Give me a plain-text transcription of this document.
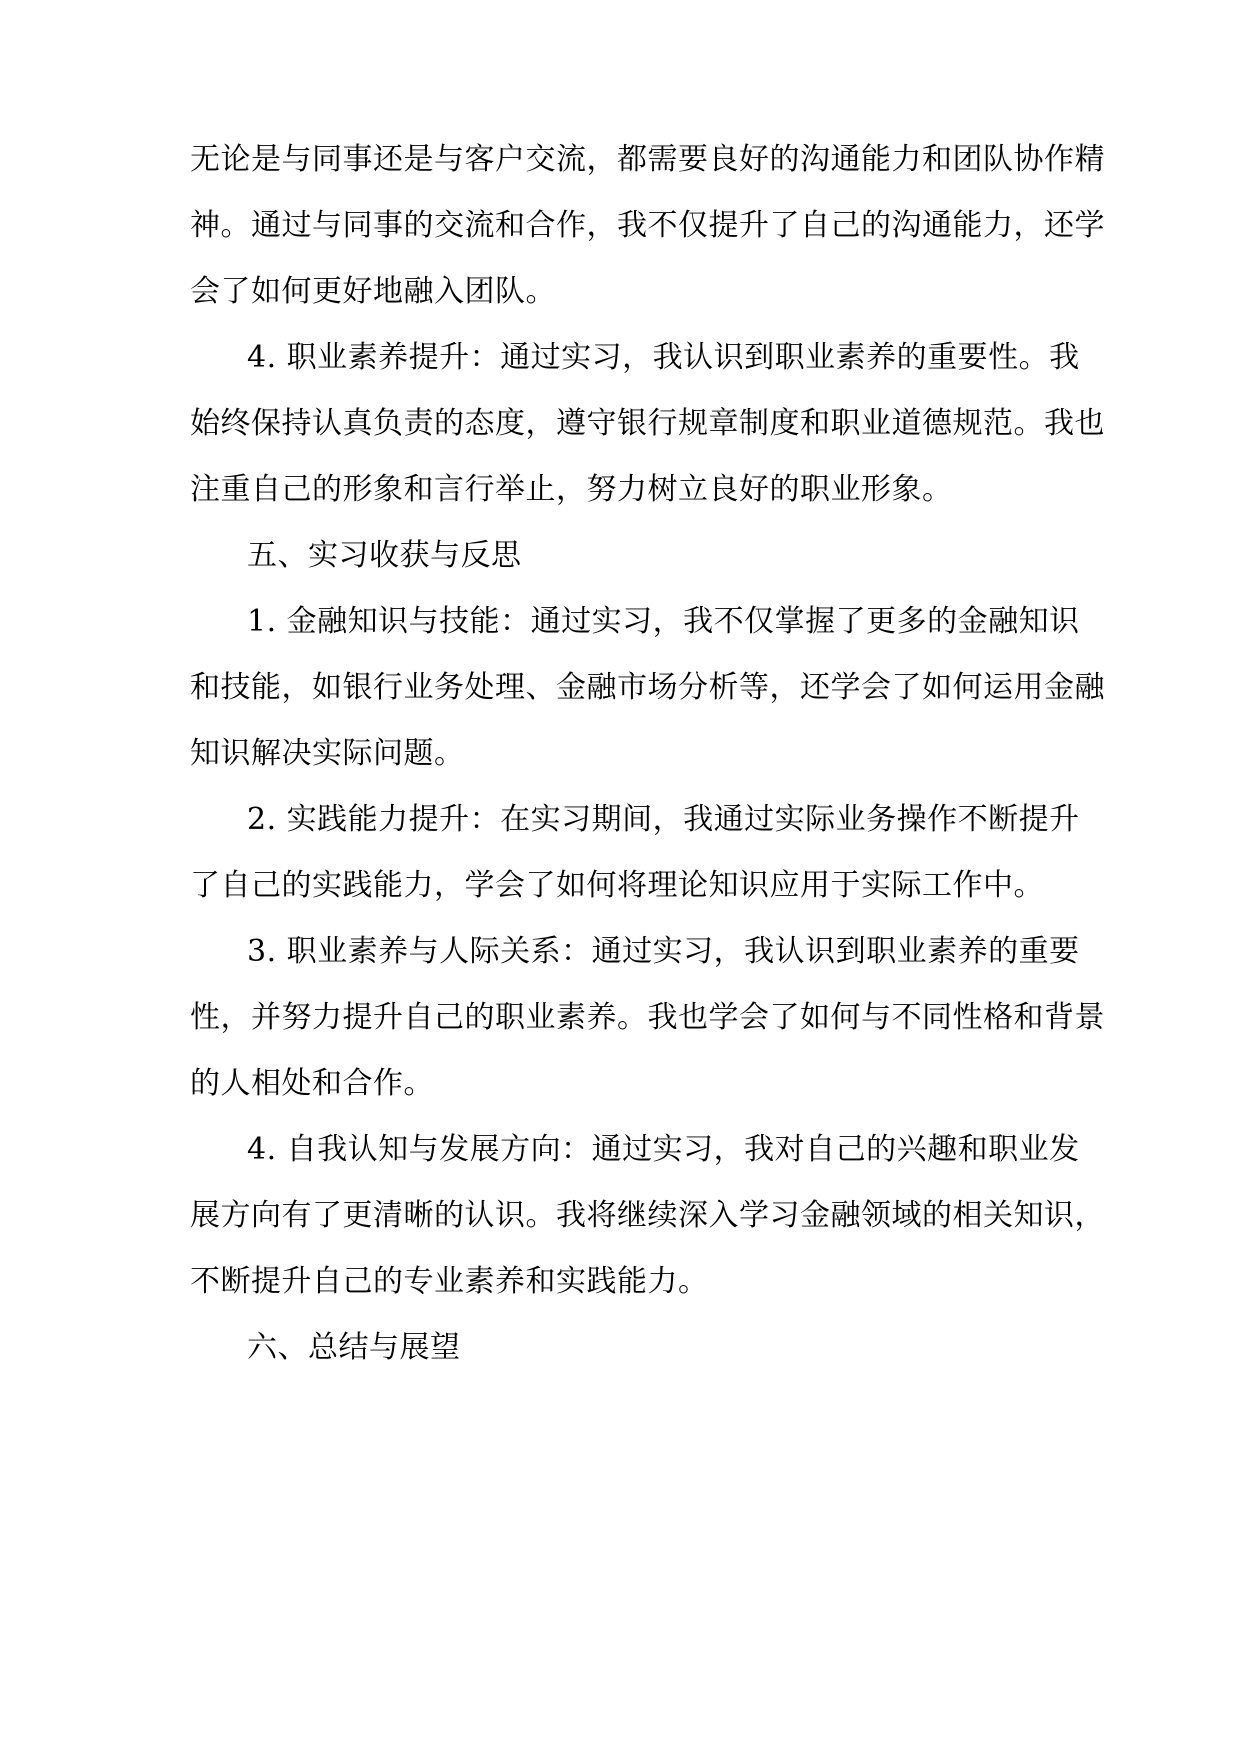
无论是与同事还是与客户交流，都需要良好的沟通能力和团队协作精
神。通过与同事的交流和合作，我不仅提升了自己的沟通能力，还学
会了如何更好地融入团队。
4. 职业素养提升：通过实习，我认识到职业素养的重要性。我
始终保持认真负责的态度，遵守银行规章制度和职业道德规范。我也
注重自己的形象和言行举止，努力树立良好的职业形象。
五、实习收获与反思
1. 金融知识与技能：通过实习，我不仅掌握了更多的金融知识
和技能，如银行业务处理、金融市场分析等，还学会了如何运用金融
知识解决实际问题。
2. 实践能力提升：在实习期间，我通过实际业务操作不断提升
了自己的实践能力，学会了如何将理论知识应用于实际工作中。
3. 职业素养与人际关系：通过实习，我认识到职业素养的重要
性，并努力提升自己的职业素养。我也学会了如何与不同性格和背景
的人相处和合作。
4. 自我认知与发展方向：通过实习，我对自己的兴趣和职业发
展方向有了更清晰的认识。我将继续深入学习金融领域的相关知识，
不断提升自己的专业素养和实践能力。
六、总结与展望
